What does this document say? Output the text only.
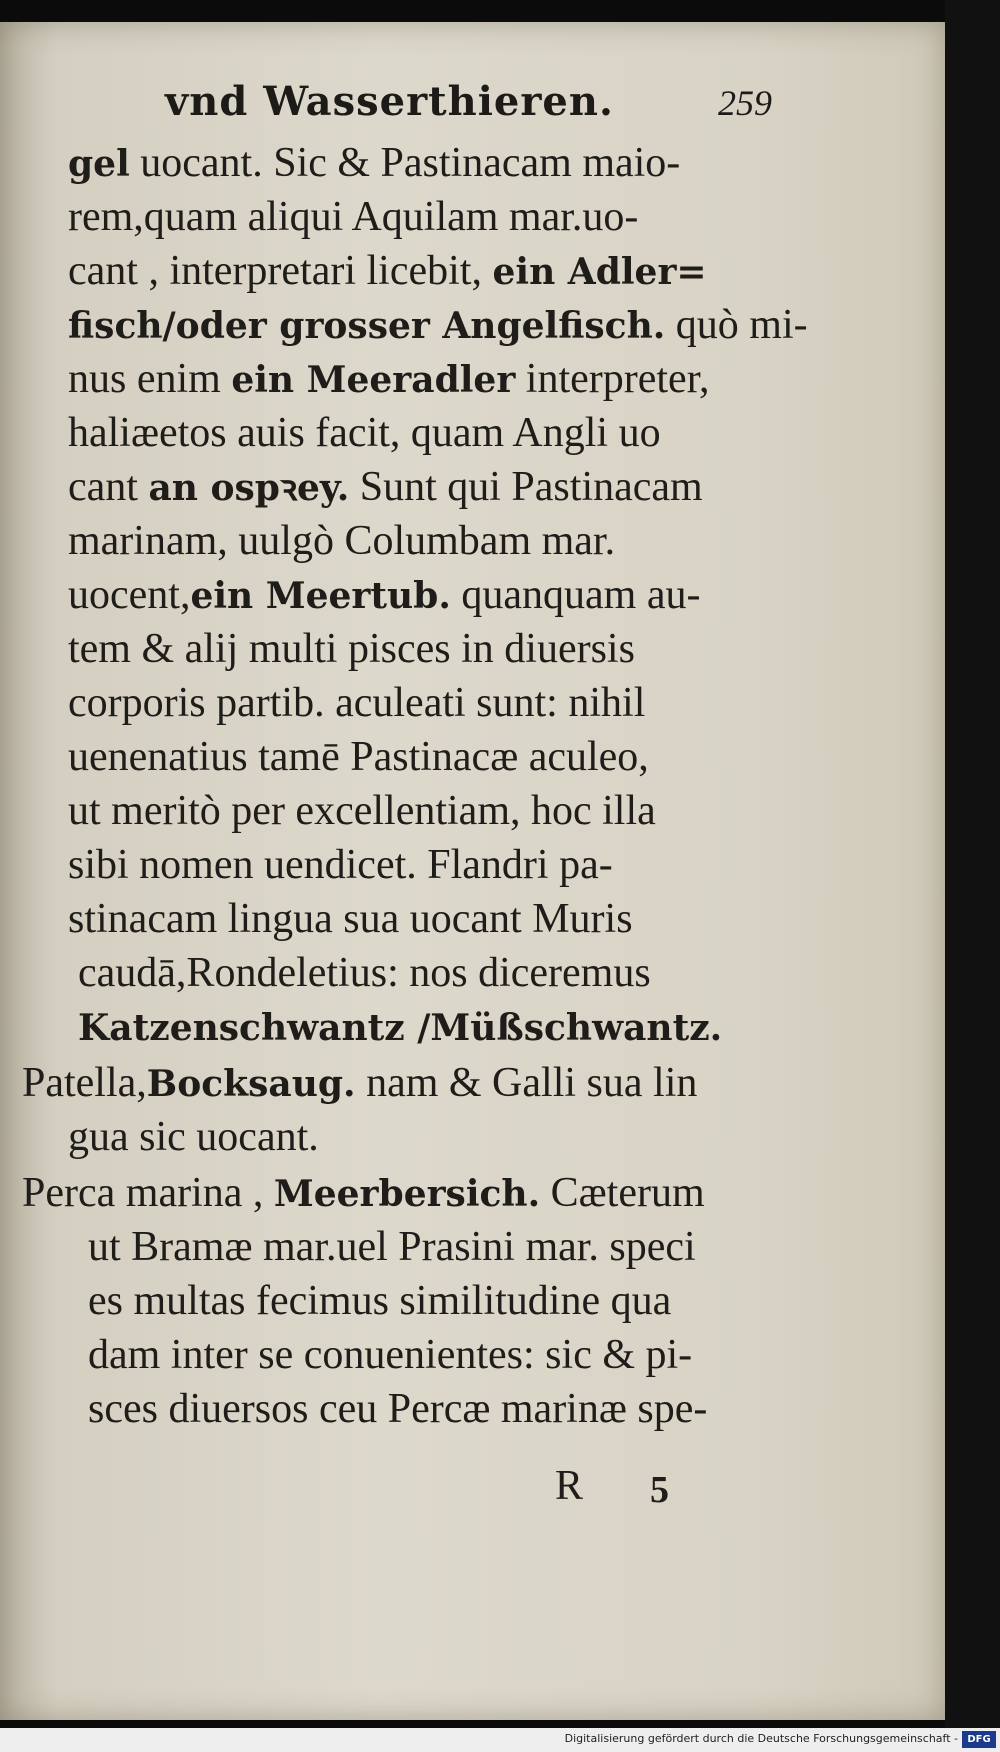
vnd Wasserthieren.	259
gel uocant. Sic & Pastinacam maio-
rem,quam aliqui Aquilam mar.uo-
cant , interpretari licebit, ein Adler=
fisch/oder grosser Angelfisch. quò mi-
nus enim ein Meeradler interpreter,
haliæetos auis facit, quam Angli uo
cant an ospꝛey. Sunt qui Pastinacam
marinam, uulgò Columbam mar.
uocent,ein Meertub. quanquam au-
tem & alij multi pisces in diuersis
corporis partib. aculeati sunt: nihil
uenenatius tamē Pastinacæ aculeo,
ut meritò per excellentiam, hoc illa
sibi nomen uendicet. Flandri pa-
stinacam lingua sua uocant Muris
caudā,Rondeletius: nos diceremus
Katzenschwantz /Müßschwantz.
Patella,Bocksaug. nam & Galli sua lin
gua sic uocant.
Perca marina , Meerbersich. Cæterum
ut Bramæ mar.uel Prasini mar. speci
es multas fecimus similitudine qua
dam inter se conuenientes: sic & pi-
sces diuersos ceu Percæ marinæ spe-
R 5
Digitalisierung gefördert durch die Deutsche Forschungsgemeinschaft - DFG
